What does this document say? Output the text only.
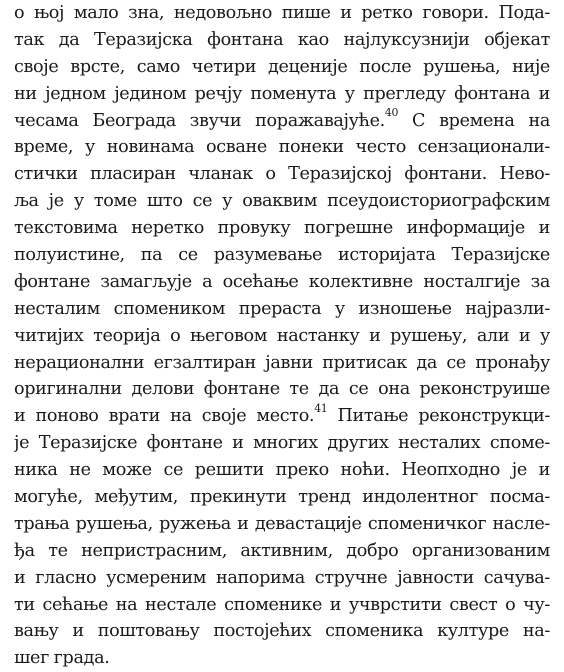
о њој мало зна, недовољно пише и ретко говори. Пода-
так да Теразијска фонтана као најлуксузнији објекат
своје врсте, само четири деценије после рушења, није
ни једном јединoм речју поменута у прегледу фонтана и
чесама Београда звучи поражавајуће.$^{40}$ С времена на
време, у новинама осване понеки често сензационали-
стички пласиран чланак о Теразијској фонтани. Нево-
ља је у томе што се у оваквим псеудоисториографским
текстовима неретко провуку погрешне информације и
полуистине, па се разумевање историјата Теразијске
фонтане замагљује а осећање колективне носталгије за
несталим спомеником прераста у изношење најразли-
читијих теорија о његовом настанку и рушењу, али и у
нерационални егзалтиран јавни притисак да се пронађу
оригинални делови фонтане те да се она реконструише
и поново врати на своје место.$^{41}$ Питање реконструкци-
је Теразијске фонтане и многих других несталих споме-
ника не може се решити преко ноћи. Неопходно је и
могуће, међутим, прекинути тренд индолентног посма-
трања рушења, ружења и девастације споменичког насле-
ђа те непристрасним, активним, добро организованим
и гласно усмереним напорима стручне јавности сачува-
ти сећање на нестале споменике и учврстити свест о чу-
вању и поштовању постојећих споменика културе на-
шег града.
